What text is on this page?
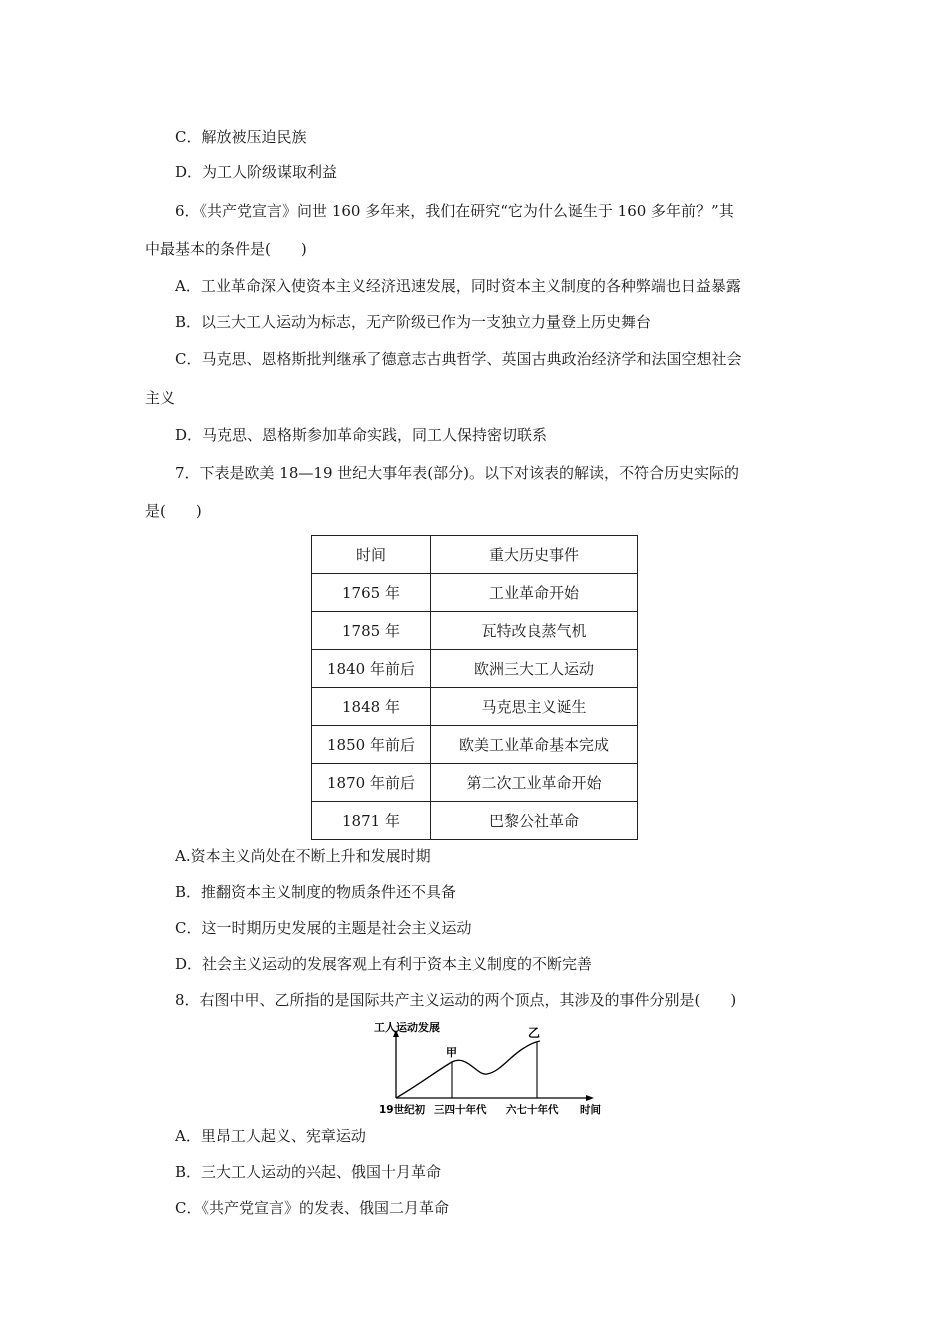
C．解放被压迫民族
D．为工人阶级谋取利益
6．《共产党宣言》问世 160 多年来，我们在研究“它为什么诞生于 160 多年前？”其
中最基本的条件是(　　)
A．工业革命深入使资本主义经济迅速发展，同时资本主义制度的各种弊端也日益暴露
B．以三大工人运动为标志，无产阶级已作为一支独立力量登上历史舞台
C．马克思、恩格斯批判继承了德意志古典哲学、英国古典政治经济学和法国空想社会
主义
D．马克思、恩格斯参加革命实践，同工人保持密切联系
7．下表是欧美 18—19 世纪大事年表(部分)。以下对该表的解读，不符合历史实际的
是(　　)
时间	重大历史事件
1765 年	工业革命开始
1785 年	瓦特改良蒸气机
1840 年前后	欧洲三大工人运动
1848 年	马克思主义诞生
1850 年前后	欧美工业革命基本完成
1870 年前后	第二次工业革命开始
1871 年	巴黎公社革命
A.资本主义尚处在不断上升和发展时期
B．推翻资本主义制度的物质条件还不具备
C．这一时期历史发展的主题是社会主义运动
D．社会主义运动的发展客观上有利于资本主义制度的不断完善
8．右图中甲、乙所指的是国际共产主义运动的两个顶点，其涉及的事件分别是(　　)
工人运动发展
甲
乙
19世纪初 三四十年代 六七十年代 时间
A．里昂工人起义、宪章运动
B．三大工人运动的兴起、俄国十月革命
C．《共产党宣言》的发表、俄国二月革命
